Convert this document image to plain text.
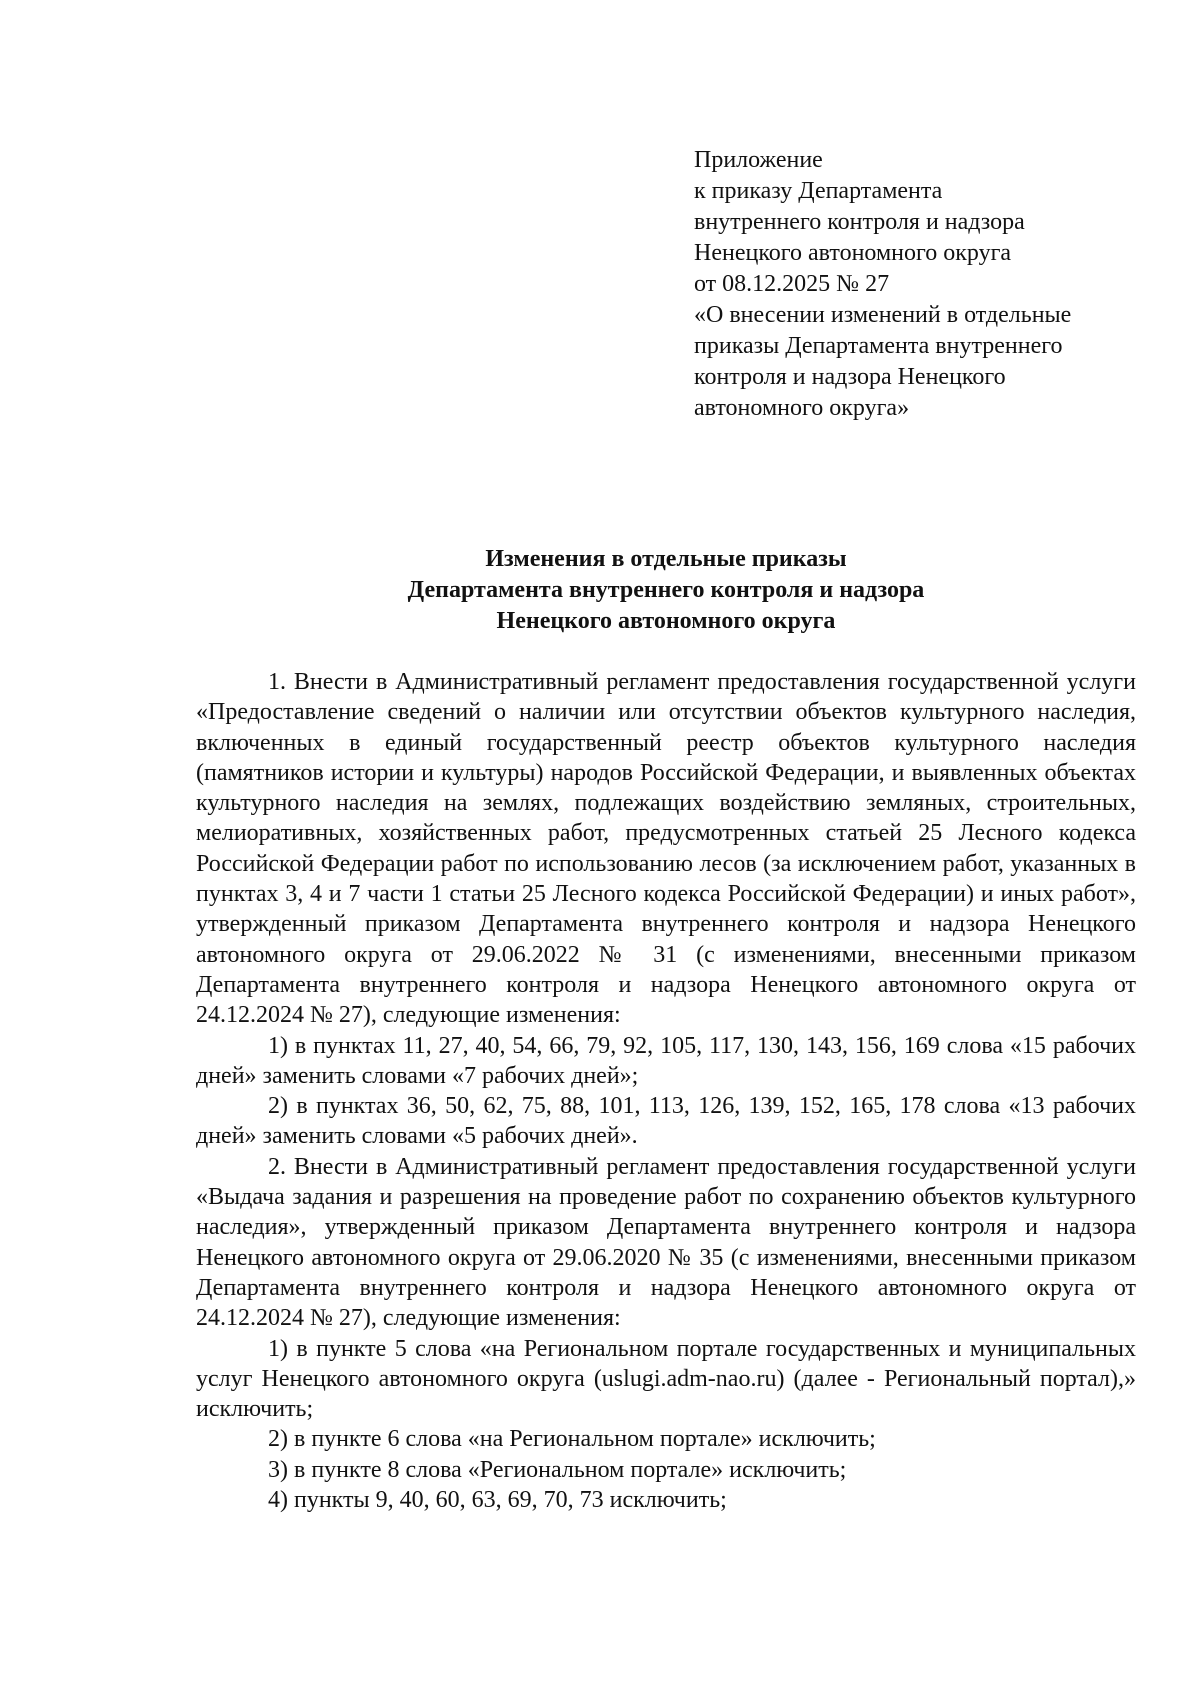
Приложение
к приказу Департамента
внутреннего контроля и надзора
Ненецкого автономного округа
от 08.12.2025 № 27
«О внесении изменений в отдельные
приказы Департамента внутреннего
контроля и надзора Ненецкого
автономного округа»
Изменения в отдельные приказы
Департамента внутреннего контроля и надзора
Ненецкого автономного округа

1. Внести в Административный регламент предоставления государственной услуги «Предоставление сведений о наличии или отсутствии объектов культурного наследия, включенных в единый государственный реестр объектов культурного наследия (памятников истории и культуры) народов Российской Федерации, и выявленных объектах культурного наследия на землях, подлежащих воздействию земляных, строительных, мелиоративных, хозяйственных работ, предусмотренных статьей 25 Лесного кодекса Российской Федерации работ по использованию лесов (за исключением работ, указанных в пунктах 3, 4 и 7 части 1 статьи 25 Лесного кодекса Российской Федерации) и иных работ», утвержденный приказом Департамента внутреннего контроля и надзора Ненецкого автономного округа от 29.06.2022 № 31 (с изменениями, внесенными приказом Департамента внутреннего контроля и надзора Ненецкого автономного округа от 24.12.2024 № 27), следующие изменения:

1) в пунктах 11, 27, 40, 54, 66, 79, 92, 105, 117, 130, 143, 156, 169 слова «15 рабочих дней» заменить словами «7 рабочих дней»;

2) в пунктах 36, 50, 62, 75, 88, 101, 113, 126, 139, 152, 165, 178 слова «13 рабочих дней» заменить словами «5 рабочих дней».

2. Внести в Административный регламент предоставления государственной услуги «Выдача задания и разрешения на проведение работ по сохранению объектов культурного наследия», утвержденный приказом Департамента внутреннего контроля и надзора Ненецкого автономного округа от 29.06.2020 № 35 (с изменениями, внесенными приказом Департамента внутреннего контроля и надзора Ненецкого автономного округа от 24.12.2024 № 27), следующие изменения:

1) в пункте 5 слова «на Региональном портале государственных и муниципальных услуг Ненецкого автономного округа (uslugi.adm-nao.ru) (далее - Региональный портал),» исключить;

2) в пункте 6 слова «на Региональном портале» исключить;

3) в пункте 8 слова «Региональном портале» исключить;

4) пункты 9, 40, 60, 63, 69, 70, 73 исключить;
